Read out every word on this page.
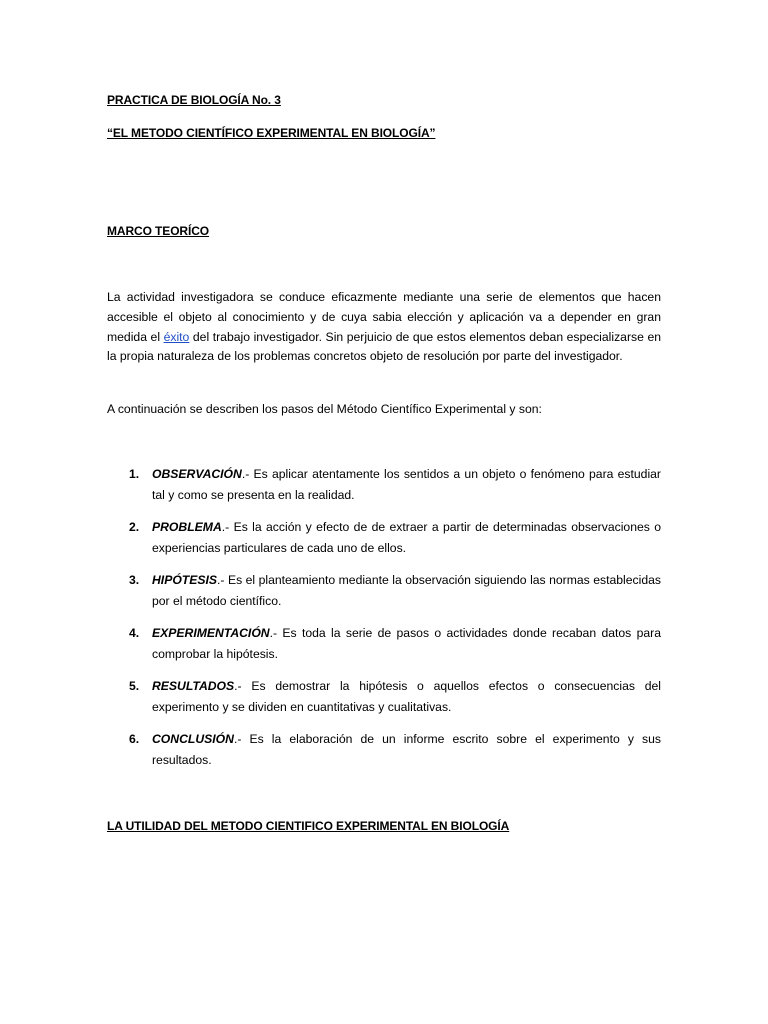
PRACTICA DE BIOLOGÍA No. 3
“EL METODO CIENTÍFICO EXPERIMENTAL EN BIOLOGÍA”
MARCO TEORÍCO
La actividad investigadora se conduce eficazmente mediante una serie de elementos que hacen accesible el objeto al conocimiento y de cuya sabia elección y aplicación va a depender en gran medida el éxito del trabajo investigador. Sin perjuicio de que estos elementos deban especializarse en la propia naturaleza de los problemas concretos objeto de resolución por parte del investigador.
A continuación se describen los pasos del Método Científico Experimental y son:
1. OBSERVACIÓN.- Es aplicar atentamente los sentidos a un objeto o fenómeno para estudiar tal y como se presenta en la realidad.
2. PROBLEMA.- Es la acción y efecto de de extraer a partir de determinadas observaciones o experiencias particulares de cada uno de ellos.
3. HIPÓTESIS.- Es el planteamiento mediante la observación siguiendo las normas establecidas por el método científico.
4. EXPERIMENTACIÓN.- Es toda la serie de pasos o actividades donde recaban datos para comprobar la hipótesis.
5. RESULTADOS.- Es demostrar la hipótesis o aquellos efectos o consecuencias del experimento y se dividen en cuantitativas y cualitativas.
6. CONCLUSIÓN.- Es la elaboración de un informe escrito sobre el experimento y sus resultados.
LA UTILIDAD DEL METODO CIENTIFICO EXPERIMENTAL EN BIOLOGÍA
